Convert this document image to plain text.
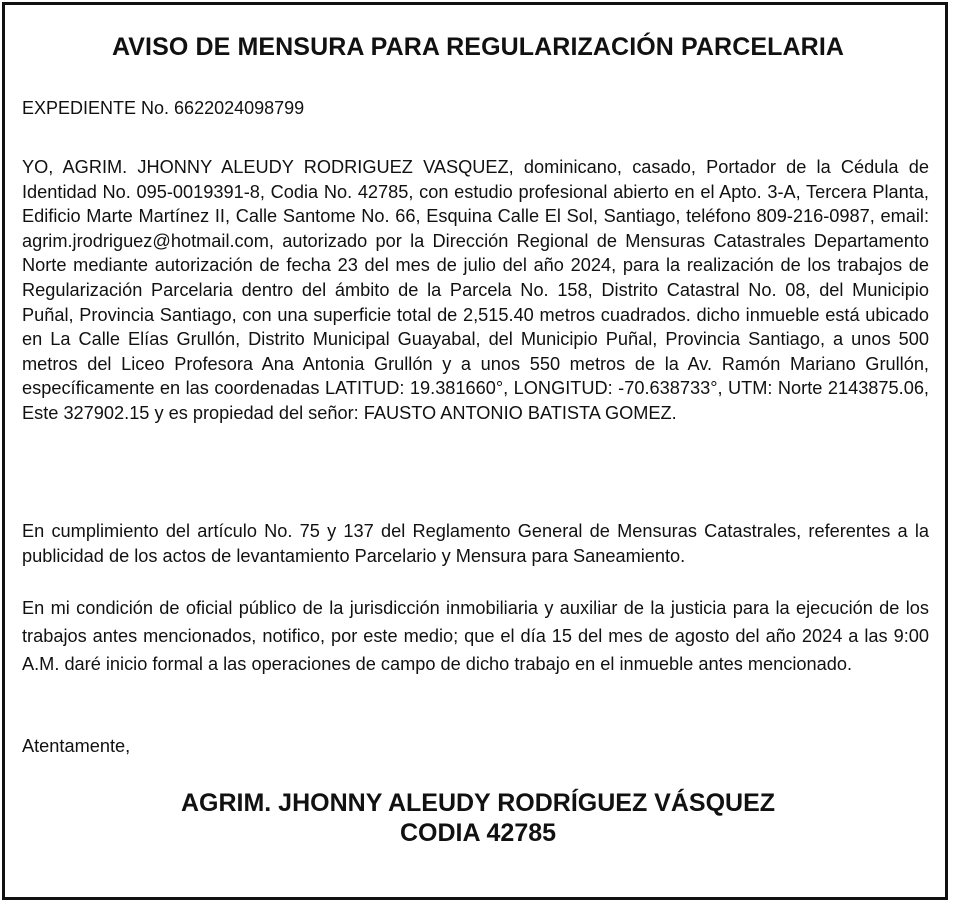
AVISO DE MENSURA PARA REGULARIZACIÓN PARCELARIA
EXPEDIENTE No. 6622024098799
YO, AGRIM. JHONNY ALEUDY RODRIGUEZ VASQUEZ, dominicano, casado, Portador de la Cédula de Identidad No. 095-0019391-8, Codia No. 42785, con estudio profesional abierto en el Apto. 3-A, Tercera Planta, Edificio Marte Martínez II, Calle Santome No. 66, Esquina Calle El Sol, Santiago, teléfono 809-216-0987, email: agrim.jrodriguez@hotmail.com, autorizado por la Dirección Regional de Mensuras Catastrales Departamento Norte mediante autorización de fecha 23 del mes de julio del año 2024, para la realización de los trabajos de Regularización Parcelaria dentro del ámbito de la Parcela No. 158, Distrito Catastral No. 08, del Municipio Puñal, Provincia Santiago, con una superficie total de 2,515.40 metros cuadrados. dicho inmueble está ubicado en La Calle Elías Grullón, Distrito Municipal Guayabal, del Municipio Puñal, Provincia Santiago, a unos 500 metros del Liceo Profesora Ana Antonia Grullón y a unos 550 metros de la Av. Ramón Mariano Grullón, específicamente en las coordenadas LATITUD: 19.381660°, LONGITUD: -70.638733°, UTM: Norte 2143875.06, Este 327902.15 y es propiedad del señor: FAUSTO ANTONIO BATISTA GOMEZ.
En cumplimiento del artículo No. 75 y 137 del Reglamento General de Mensuras Catastrales, referentes a la publicidad de los actos de levantamiento Parcelario y Mensura para Saneamiento.
En mi condición de oficial público de la jurisdicción inmobiliaria y auxiliar de la justicia para la ejecución de los trabajos antes mencionados, notifico, por este medio; que el día 15 del mes de agosto del año 2024 a las 9:00 A.M. daré inicio formal a las operaciones de campo de dicho trabajo en el inmueble antes mencionado.
Atentamente,
AGRIM. JHONNY ALEUDY RODRÍGUEZ VÁSQUEZ
CODIA 42785
